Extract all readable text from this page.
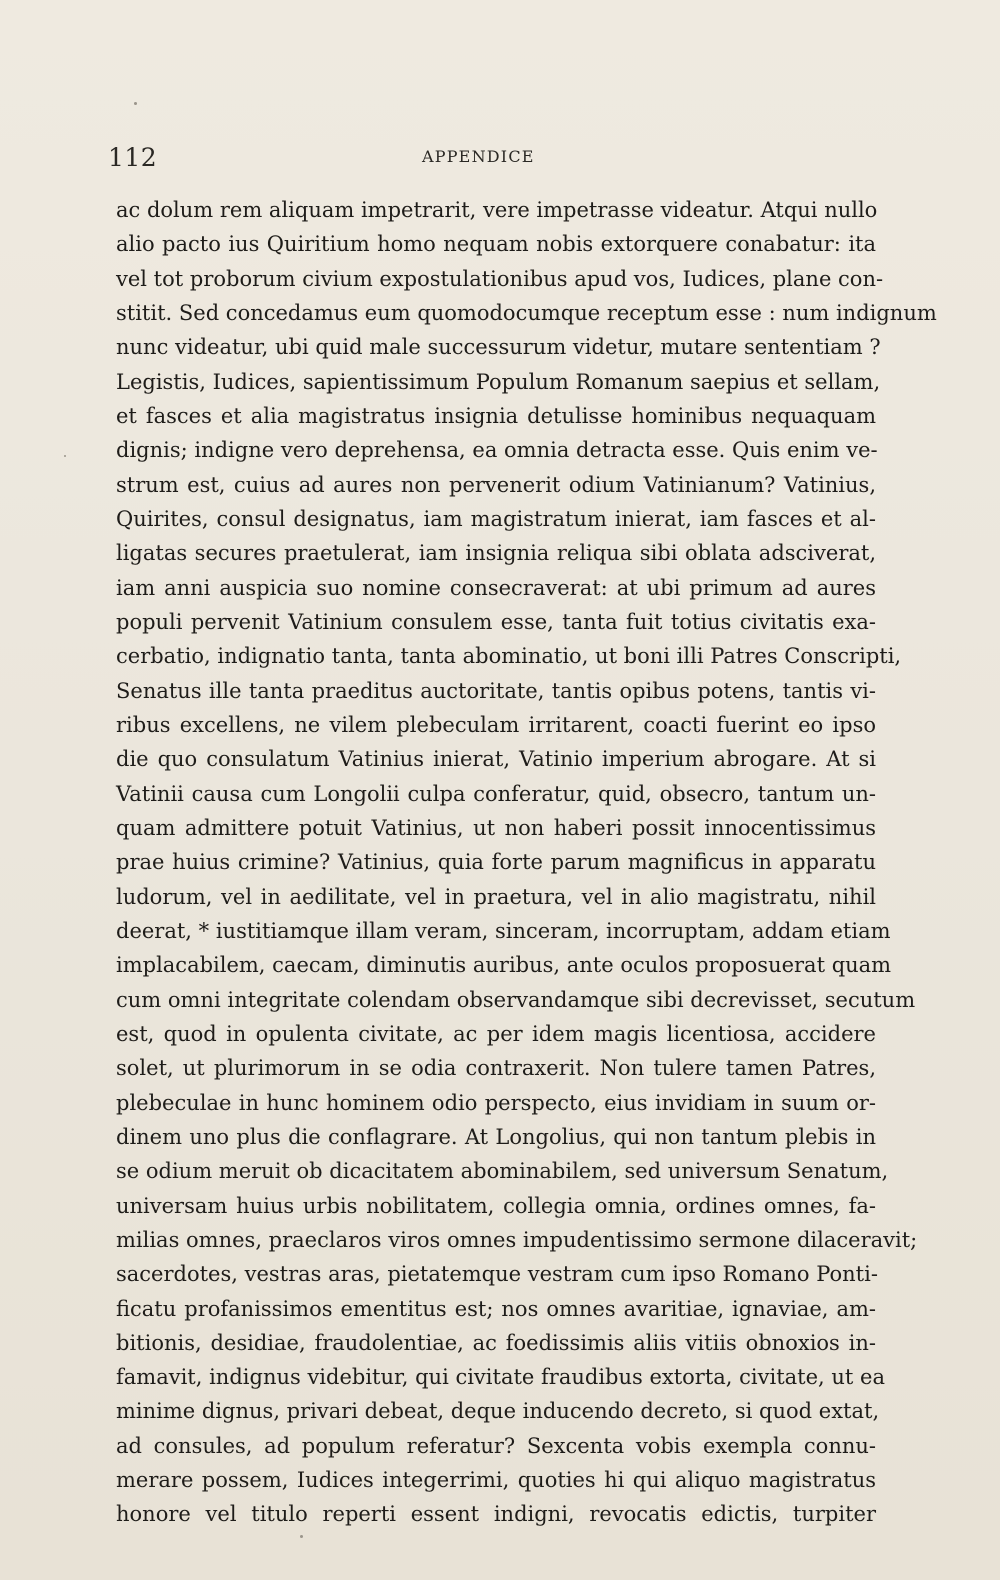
112	APPENDICE
ac dolum rem aliquam impetrarit, vere impetrasse videatur. Atqui nullo
alio pacto ius Quiritium homo nequam nobis extorquere conabatur: ita
vel tot proborum civium expostulationibus apud vos, Iudices, plane con-
stitit. Sed concedamus eum quomodocumque receptum esse : num indignum
nunc videatur, ubi quid male successurum videtur, mutare sententiam ?
Legistis, Iudices, sapientissimum Populum Romanum saepius et sellam,
et fasces et alia magistratus insignia detulisse hominibus nequaquam
dignis; indigne vero deprehensa, ea omnia detracta esse. Quis enim ve-
strum est, cuius ad aures non pervenerit odium Vatinianum? Vatinius,
Quirites, consul designatus, iam magistratum inierat, iam fasces et al-
ligatas secures praetulerat, iam insignia reliqua sibi oblata adsciverat,
iam anni auspicia suo nomine consecraverat: at ubi primum ad aures
populi pervenit Vatinium consulem esse, tanta fuit totius civitatis exa-
cerbatio, indignatio tanta, tanta abominatio, ut boni illi Patres Conscripti,
Senatus ille tanta praeditus auctoritate, tantis opibus potens, tantis vi-
ribus excellens, ne vilem plebeculam irritarent, coacti fuerint eo ipso
die quo consulatum Vatinius inierat, Vatinio imperium abrogare. At si
Vatinii causa cum Longolii culpa conferatur, quid, obsecro, tantum un-
quam admittere potuit Vatinius, ut non haberi possit innocentissimus
prae huius crimine? Vatinius, quia forte parum magnificus in apparatu
ludorum, vel in aedilitate, vel in praetura, vel in alio magistratu, nihil
deerat, * iustitiamque illam veram, sinceram, incorruptam, addam etiam
implacabilem, caecam, diminutis auribus, ante oculos proposuerat quam
cum omni integritate colendam observandamque sibi decrevisset, secutum
est, quod in opulenta civitate, ac per idem magis licentiosa, accidere
solet, ut plurimorum in se odia contraxerit. Non tulere tamen Patres,
plebeculae in hunc hominem odio perspecto, eius invidiam in suum or-
dinem uno plus die conflagrare. At Longolius, qui non tantum plebis in
se odium meruit ob dicacitatem abominabilem, sed universum Senatum,
universam huius urbis nobilitatem, collegia omnia, ordines omnes, fa-
milias omnes, praeclaros viros omnes impudentissimo sermone dilaceravit;
sacerdotes, vestras aras, pietatemque vestram cum ipso Romano Ponti-
ficatu profanissimos ementitus est; nos omnes avaritiae, ignaviae, am-
bitionis, desidiae, fraudolentiae, ac foedissimis aliis vitiis obnoxios in-
famavit, indignus videbitur, qui civitate fraudibus extorta, civitate, ut ea
minime dignus, privari debeat, deque inducendo decreto, si quod extat,
ad consules, ad populum referatur? Sexcenta vobis exempla connu-
merare possem, Iudices integerrimi, quoties hi qui aliquo magistratus
honore vel titulo reperti essent indigni, revocatis edictis, turpiter
